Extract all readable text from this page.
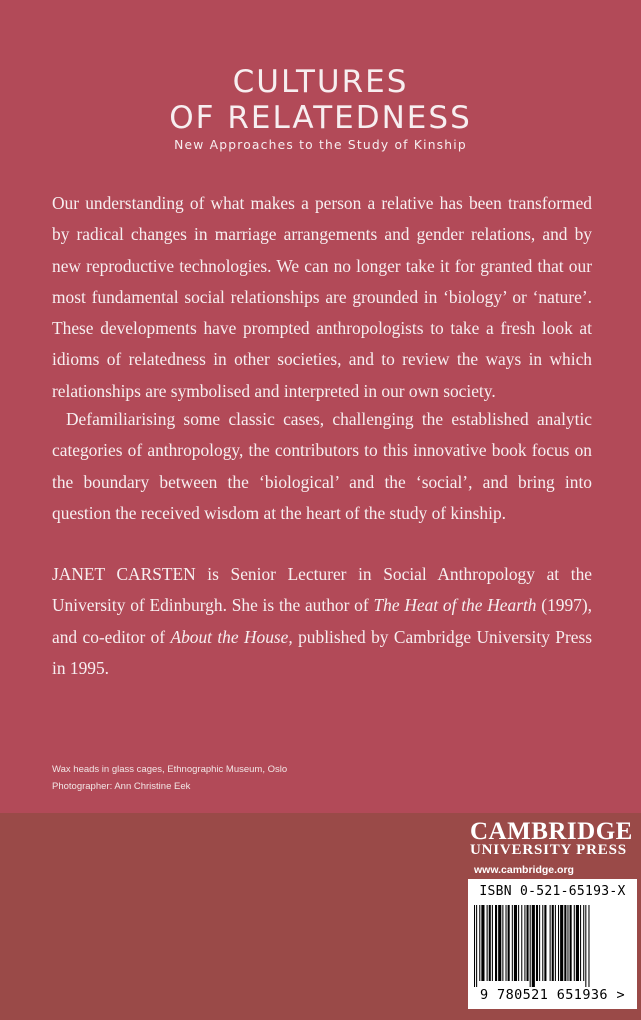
CULTURES
OF RELATEDNESS
New Approaches to the Study of Kinship
Our understanding of what makes a person a relative has been transformed by radical changes in marriage arrangements and gender relations, and by new reproductive technologies. We can no longer take it for granted that our most fundamental social relationships are grounded in ‘biology’ or ‘nature’. These developments have prompted anthropologists to take a fresh look at idioms of relatedness in other societies, and to review the ways in which relationships are symbolised and interpreted in our own society.
Defamiliarising some classic cases, challenging the established analytic categories of anthropology, the contributors to this innovative book focus on the boundary between the ‘biological’ and the ‘social’, and bring into question the received wisdom at the heart of the study of kinship.
JANET CARSTEN is Senior Lecturer in Social Anthropology at the University of Edinburgh. She is the author of The Heat of the Hearth (1997), and co-editor of About the House, published by Cambridge University Press in 1995.
Wax heads in glass cages, Ethnographic Museum, Oslo
Photographer: Ann Christine Eek
CAMBRIDGE
UNIVERSITY PRESS
www.cambridge.org
ISBN 0-521-65193-X
9 780521 651936 >
